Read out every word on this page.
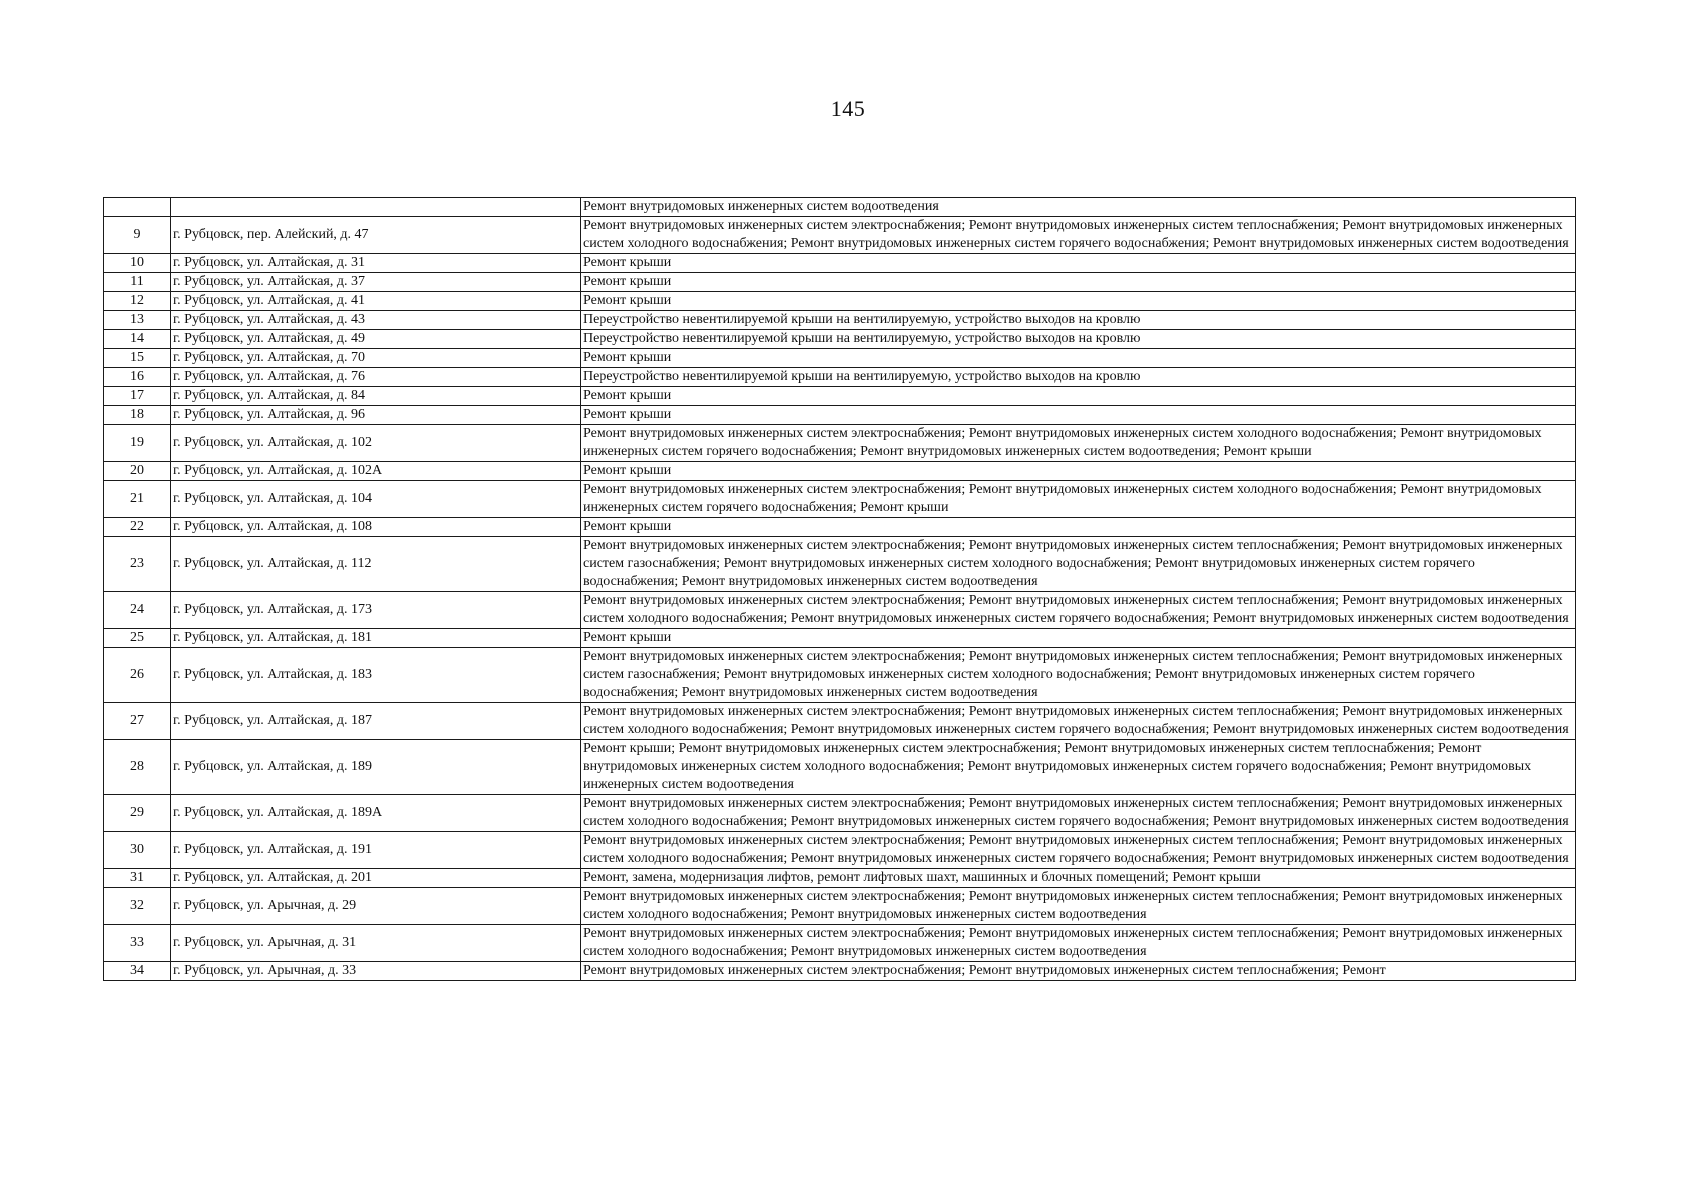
145
		Ремонт внутридомовых инженерных систем водоотведения
9	г. Рубцовск, пер. Алейский, д. 47	Ремонт внутридомовых инженерных систем электроснабжения; Ремонт внутридомовых инженерных систем теплоснабжения; Ремонт внутридомовых инженерных систем холодного водоснабжения; Ремонт внутридомовых инженерных систем горячего водоснабжения; Ремонт внутридомовых инженерных систем водоотведения
10	г. Рубцовск, ул. Алтайская, д. 31	Ремонт крыши
11	г. Рубцовск, ул. Алтайская, д. 37	Ремонт крыши
12	г. Рубцовск, ул. Алтайская, д. 41	Ремонт крыши
13	г. Рубцовск, ул. Алтайская, д. 43	Переустройство невентилируемой крыши на вентилируемую, устройство выходов на кровлю
14	г. Рубцовск, ул. Алтайская, д. 49	Переустройство невентилируемой крыши на вентилируемую, устройство выходов на кровлю
15	г. Рубцовск, ул. Алтайская, д. 70	Ремонт крыши
16	г. Рубцовск, ул. Алтайская, д. 76	Переустройство невентилируемой крыши на вентилируемую, устройство выходов на кровлю
17	г. Рубцовск, ул. Алтайская, д. 84	Ремонт крыши
18	г. Рубцовск, ул. Алтайская, д. 96	Ремонт крыши
19	г. Рубцовск, ул. Алтайская, д. 102	Ремонт внутридомовых инженерных систем электроснабжения; Ремонт внутридомовых инженерных систем холодного водоснабжения; Ремонт внутридомовых инженерных систем горячего водоснабжения; Ремонт внутридомовых инженерных систем водоотведения; Ремонт крыши
20	г. Рубцовск, ул. Алтайская, д. 102А	Ремонт крыши
21	г. Рубцовск, ул. Алтайская, д. 104	Ремонт внутридомовых инженерных систем электроснабжения; Ремонт внутридомовых инженерных систем холодного водоснабжения; Ремонт внутридомовых инженерных систем горячего водоснабжения; Ремонт крыши
22	г. Рубцовск, ул. Алтайская, д. 108	Ремонт крыши
23	г. Рубцовск, ул. Алтайская, д. 112	Ремонт внутридомовых инженерных систем электроснабжения; Ремонт внутридомовых инженерных систем теплоснабжения; Ремонт внутридомовых инженерных систем газоснабжения; Ремонт внутридомовых инженерных систем холодного водоснабжения; Ремонт внутридомовых инженерных систем горячего водоснабжения; Ремонт внутридомовых инженерных систем водоотведения
24	г. Рубцовск, ул. Алтайская, д. 173	Ремонт внутридомовых инженерных систем электроснабжения; Ремонт внутридомовых инженерных систем теплоснабжения; Ремонт внутридомовых инженерных систем холодного водоснабжения; Ремонт внутридомовых инженерных систем горячего водоснабжения; Ремонт внутридомовых инженерных систем водоотведения
25	г. Рубцовск, ул. Алтайская, д. 181	Ремонт крыши
26	г. Рубцовск, ул. Алтайская, д. 183	Ремонт внутридомовых инженерных систем электроснабжения; Ремонт внутридомовых инженерных систем теплоснабжения; Ремонт внутридомовых инженерных систем газоснабжения; Ремонт внутридомовых инженерных систем холодного водоснабжения; Ремонт внутридомовых инженерных систем горячего водоснабжения; Ремонт внутридомовых инженерных систем водоотведения
27	г. Рубцовск, ул. Алтайская, д. 187	Ремонт внутридомовых инженерных систем электроснабжения; Ремонт внутридомовых инженерных систем теплоснабжения; Ремонт внутридомовых инженерных систем холодного водоснабжения; Ремонт внутридомовых инженерных систем горячего водоснабжения; Ремонт внутридомовых инженерных систем водоотведения
28	г. Рубцовск, ул. Алтайская, д. 189	Ремонт крыши; Ремонт внутридомовых инженерных систем электроснабжения; Ремонт внутридомовых инженерных систем теплоснабжения; Ремонт внутридомовых инженерных систем холодного водоснабжения; Ремонт внутридомовых инженерных систем горячего водоснабжения; Ремонт внутридомовых инженерных систем водоотведения
29	г. Рубцовск, ул. Алтайская, д. 189А	Ремонт внутридомовых инженерных систем электроснабжения; Ремонт внутридомовых инженерных систем теплоснабжения; Ремонт внутридомовых инженерных систем холодного водоснабжения; Ремонт внутридомовых инженерных систем горячего водоснабжения; Ремонт внутридомовых инженерных систем водоотведения
30	г. Рубцовск, ул. Алтайская, д. 191	Ремонт внутридомовых инженерных систем электроснабжения; Ремонт внутридомовых инженерных систем теплоснабжения; Ремонт внутридомовых инженерных систем холодного водоснабжения; Ремонт внутридомовых инженерных систем горячего водоснабжения; Ремонт внутридомовых инженерных систем водоотведения
31	г. Рубцовск, ул. Алтайская, д. 201	Ремонт, замена, модернизация лифтов, ремонт лифтовых шахт, машинных и блочных помещений; Ремонт крыши
32	г. Рубцовск, ул. Арычная, д. 29	Ремонт внутридомовых инженерных систем электроснабжения; Ремонт внутридомовых инженерных систем теплоснабжения; Ремонт внутридомовых инженерных систем холодного водоснабжения; Ремонт внутридомовых инженерных систем водоотведения
33	г. Рубцовск, ул. Арычная, д. 31	Ремонт внутридомовых инженерных систем электроснабжения; Ремонт внутридомовых инженерных систем теплоснабжения; Ремонт внутридомовых инженерных систем холодного водоснабжения; Ремонт внутридомовых инженерных систем водоотведения
34	г. Рубцовск, ул. Арычная, д. 33	Ремонт внутридомовых инженерных систем электроснабжения; Ремонт внутридомовых инженерных систем теплоснабжения; Ремонт
